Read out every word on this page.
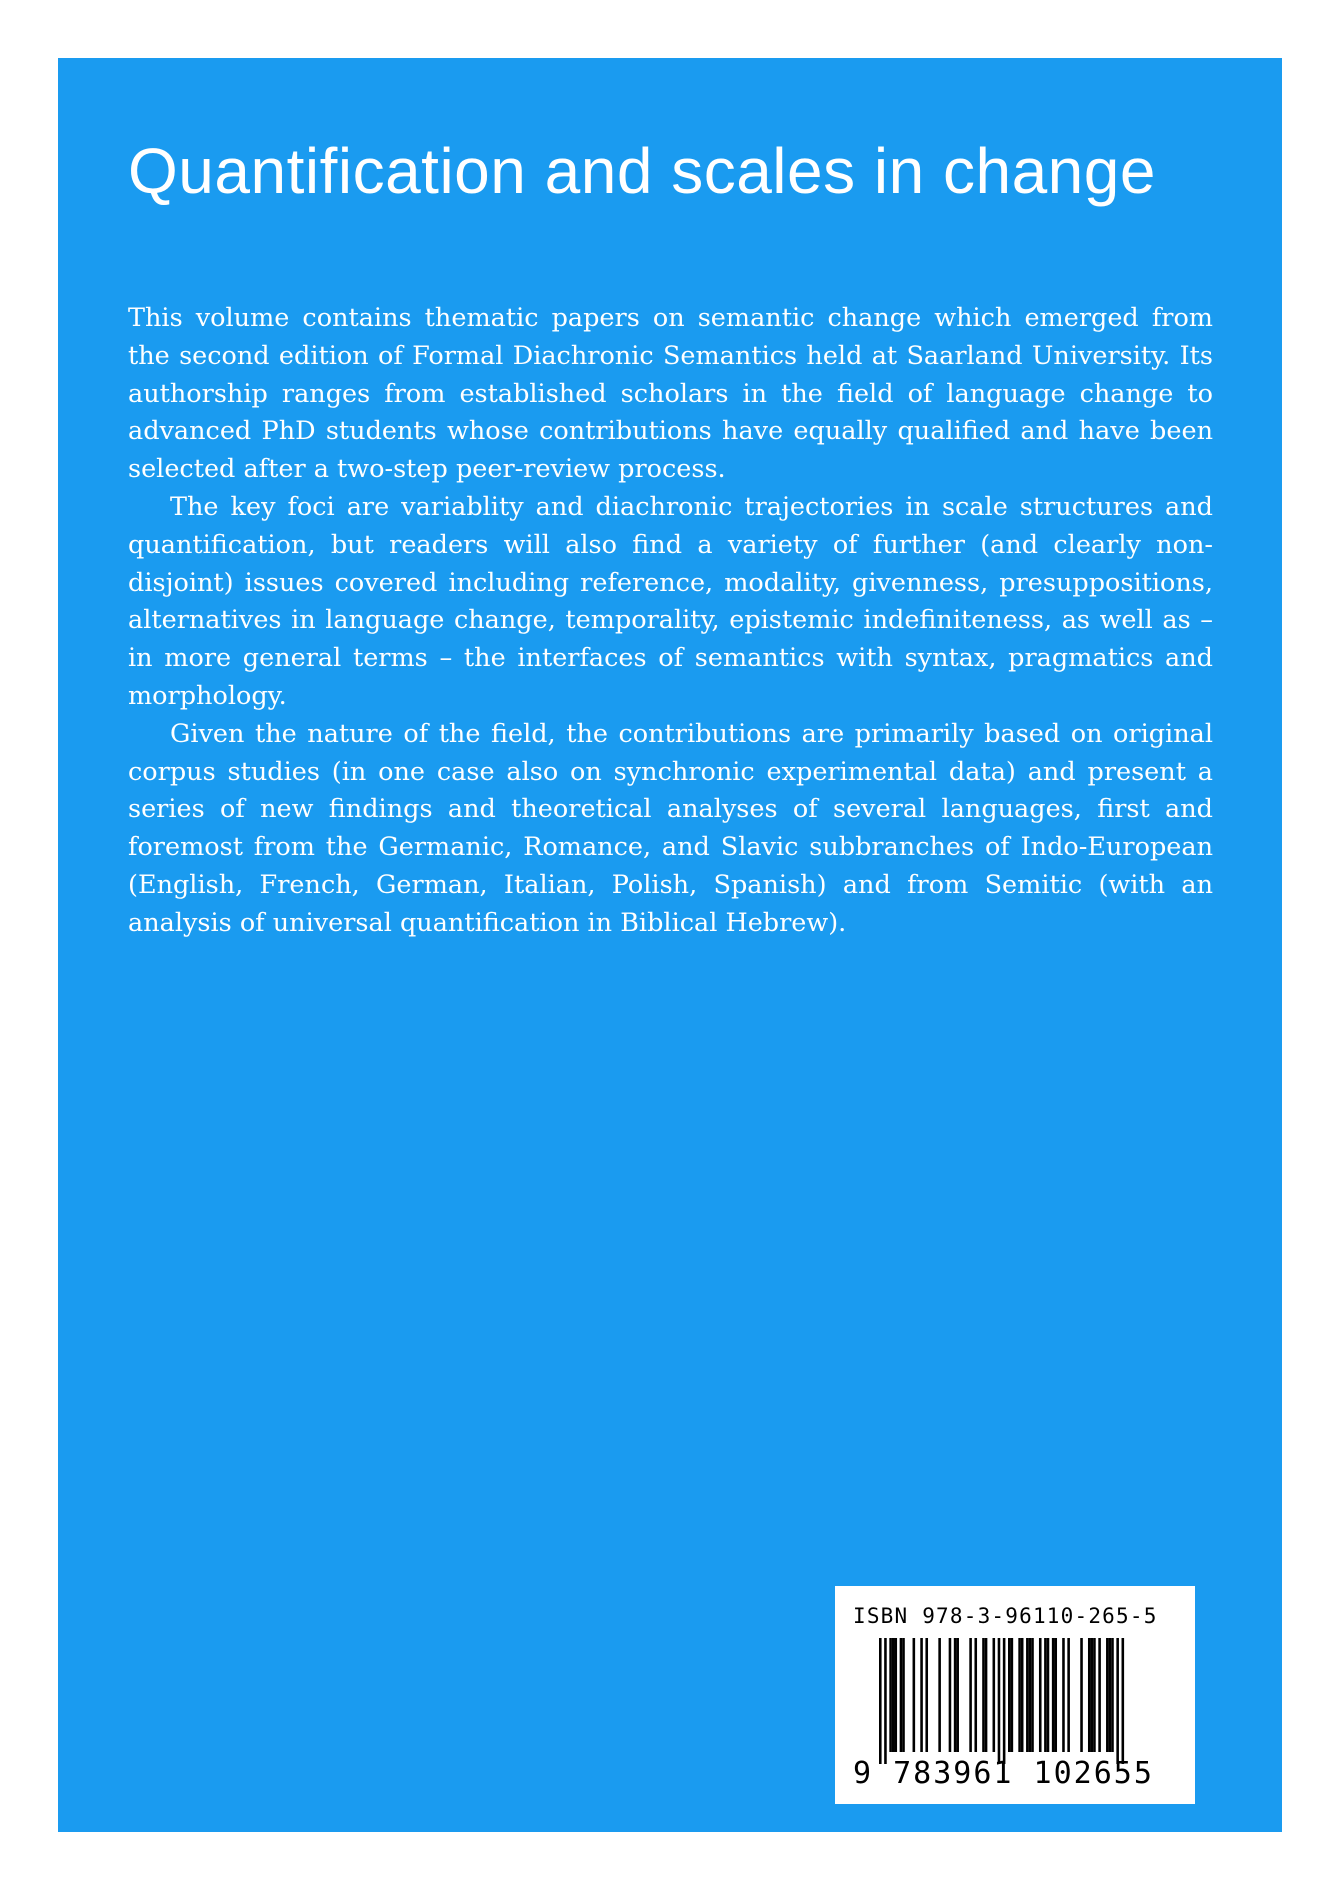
Quantification and scales in change

This volume contains thematic papers on semantic change which emerged from the second edition of Formal Diachronic Semantics held at Saarland University. Its authorship ranges from established scholars in the field of language change to advanced PhD students whose contributions have equally qualified and have been selected after a two-step peer-review process.

The key foci are variablity and diachronic trajectories in scale structures and quantification, but readers will also find a variety of further (and clearly non-disjoint) issues covered including reference, modality, givenness, presuppositions, alternatives in language change, temporality, epistemic indefiniteness, as well as – in more general terms – the interfaces of semantics with syntax, pragmatics and morphology.

Given the nature of the field, the contributions are primarily based on original corpus studies (in one case also on synchronic experimental data) and present a series of new findings and theoretical analyses of several languages, first and foremost from the Germanic, Romance, and Slavic subbranches of Indo-European (English, French, German, Italian, Polish, Spanish) and from Semitic (with an analysis of universal quantification in Biblical Hebrew).

ISBN 978-3-96110-265-5
9 783961 102655
